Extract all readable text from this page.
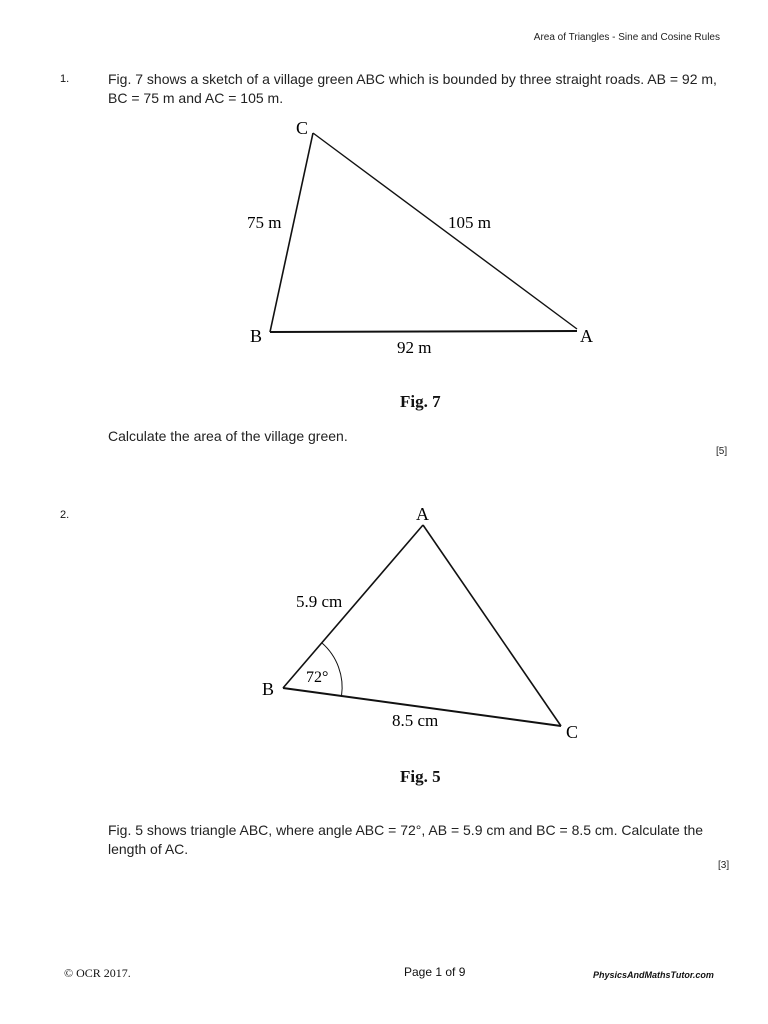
Area of Triangles - Sine and Cosine Rules
1.	Fig. 7 shows a sketch of a village green ABC which is bounded by three straight roads. AB = 92 m, BC = 75 m and AC = 105 m.
C
B	A
75 m	105 m
92 m
Fig. 7
Calculate the area of the village green.
[5]
2.	A
B
C
5.9 cm
8.5 cm
72°
Fig. 5
Fig. 5 shows triangle ABC, where angle ABC = 72°, AB = 5.9 cm and BC = 8.5 cm. Calculate the length of AC.
[3]
© OCR 2017.	Page 1 of 9	PhysicsAndMathsTutor.com
